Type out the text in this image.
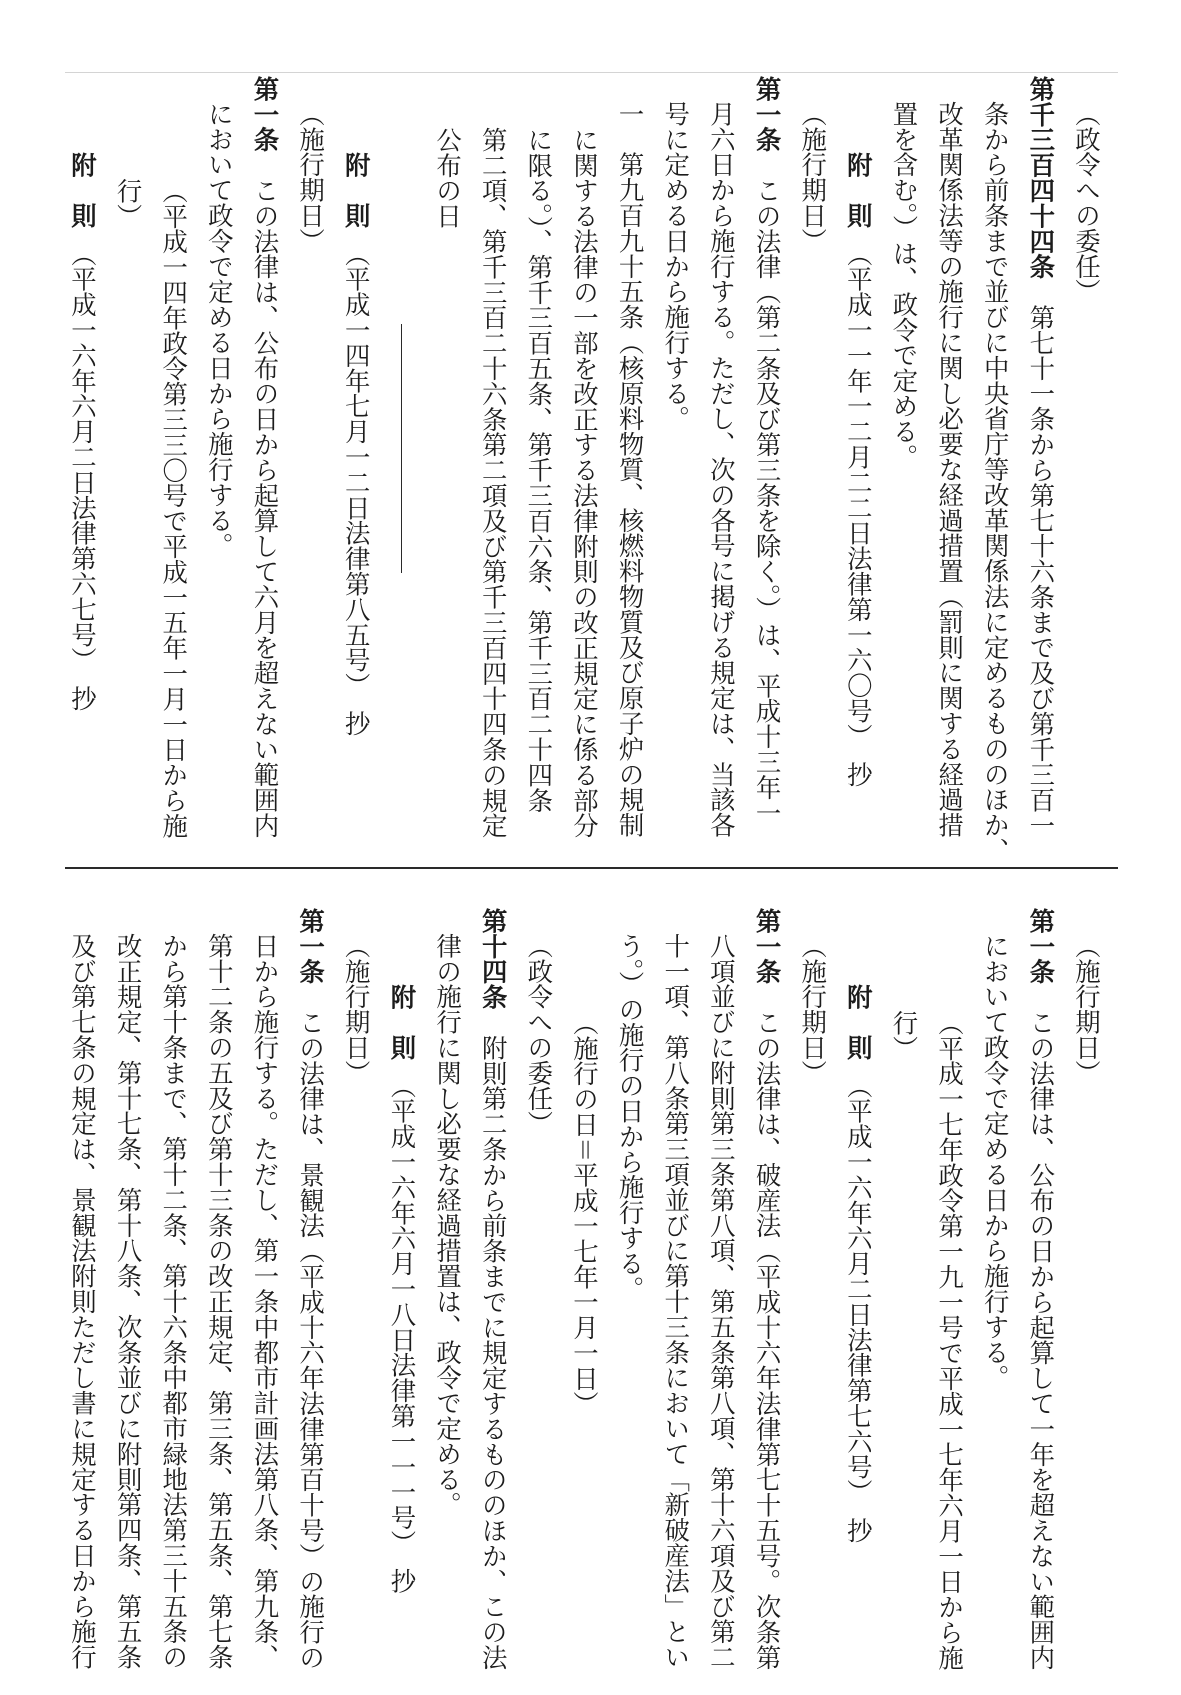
（政令への委任）
第千三百四十四条　第七十一条から第七十六条まで及び第千三百一
条から前条まで並びに中央省庁等改革関係法に定めるもののほか、
改革関係法等の施行に関し必要な経過措置（罰則に関する経過措
置を含む。）は、政令で定める。
附　則　（平成一一年一二月二二日法律第一六〇号）　抄
（施行期日）
第一条　この法律（第二条及び第三条を除く。）は、平成十三年一
月六日から施行する。ただし、次の各号に掲げる規定は、当該各
号に定める日から施行する。
一　第九百九十五条（核原料物質、核燃料物質及び原子炉の規制
に関する法律の一部を改正する法律附則の改正規定に係る部分
に限る。）、第千三百五条、第千三百六条、第千三百二十四条
第二項、第千三百二十六条第二項及び第千三百四十四条の規定
公布の日
附　則　（平成一四年七月一二日法律第八五号）　抄
（施行期日）
第一条　この法律は、公布の日から起算して六月を超えない範囲内
において政令で定める日から施行する。
（平成一四年政令第三三〇号で平成一五年一月一日から施
行）
附　則　（平成一六年六月二日法律第六七号）　抄
（施行期日）
第一条　この法律は、公布の日から起算して一年を超えない範囲内
において政令で定める日から施行する。
（平成一七年政令第一九一号で平成一七年六月一日から施
行）
附　則　（平成一六年六月二日法律第七六号）　抄
（施行期日）
第一条　この法律は、破産法（平成十六年法律第七十五号。次条第
八項並びに附則第三条第八項、第五条第八項、第十六項及び第二
十一項、第八条第三項並びに第十三条において「新破産法」とい
う。）の施行の日から施行する。
（施行の日＝平成一七年一月一日）
（政令への委任）
第十四条　附則第二条から前条までに規定するもののほか、この法
律の施行に関し必要な経過措置は、政令で定める。
附　則　（平成一六年六月一八日法律第一一一号）　抄
（施行期日）
第一条　この法律は、景観法（平成十六年法律第百十号）の施行の
日から施行する。ただし、第一条中都市計画法第八条、第九条、
第十二条の五及び第十三条の改正規定、第三条、第五条、第七条
から第十条まで、第十二条、第十六条中都市緑地法第三十五条の
改正規定、第十七条、第十八条、次条並びに附則第四条、第五条
及び第七条の規定は、景観法附則ただし書に規定する日から施行
